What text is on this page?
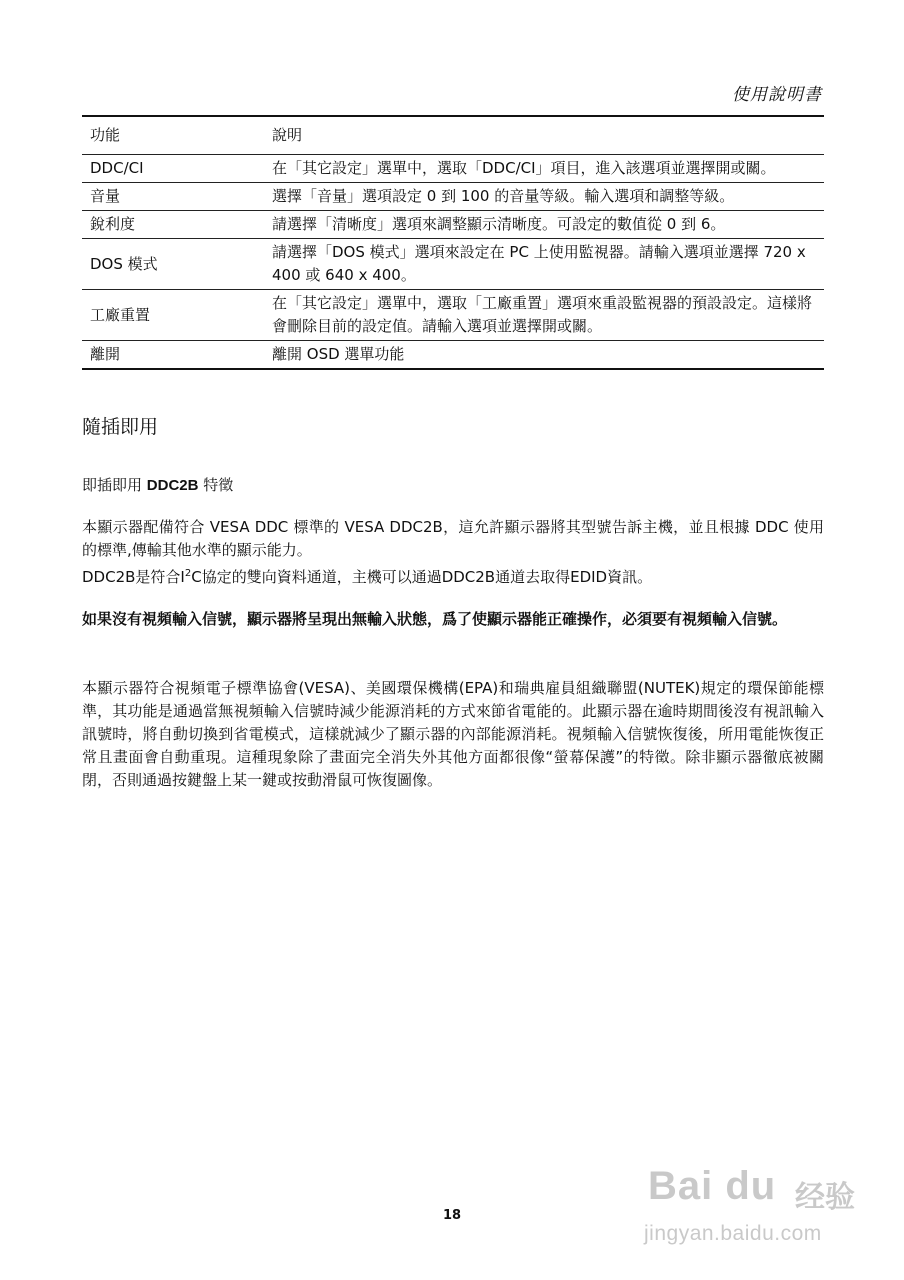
使用說明書
功能	說明
DDC/CI	在「其它設定」選單中，選取「DDC/CI」項目，進入該選項並選擇開或關。
音量	選擇「音量」選項設定 0 到 100 的音量等級。輸入選項和調整等級。
銳利度	請選擇「清晰度」選項來調整顯示清晰度。可設定的數值從 0 到 6。
DOS 模式	請選擇「DOS 模式」選項來設定在 PC 上使用監視器。請輸入選項並選擇 720 x 400 或 640 x 400。
工廠重置	在「其它設定」選單中，選取「工廠重置」選項來重設監視器的預設設定。這樣將會刪除目前的設定值。請輸入選項並選擇開或關。
離開	離開 OSD 選單功能
隨插即用
即插即用 DDC2B 特徵
本顯示器配備符合 VESA DDC 標準的 VESA DDC2B，這允許顯示器將其型號告訴主機，並且根據 DDC 使用的標準,傳輸其他水準的顯示能力。
DDC2B是符合$I^2C$協定的雙向資料通道，主機可以通過DDC2B通道去取得EDID資訊。
如果沒有視頻輸入信號，顯示器將呈現出無輸入狀態，爲了使顯示器能正確操作，必須要有視頻輸入信號。
本顯示器符合視頻電子標準協會(VESA)、美國環保機構(EPA)和瑞典雇員組織聯盟(NUTEK)規定的環保節能標準，其功能是通過當無視頻輸入信號時減少能源消耗的方式來節省電能的。此顯示器在逾時期間後沒有視訊輸入訊號時，將自動切換到省電模式，這樣就減少了顯示器的內部能源消耗。視頻輸入信號恢復後，所用電能恢復正常且畫面會自動重現。這種現象除了畫面完全消失外其他方面都很像“螢幕保護”的特徵。除非顯示器徹底被關閉，否則通過按鍵盤上某一鍵或按動滑鼠可恢復圖像。
18
Bai du 经验
jingyan.baidu.com
